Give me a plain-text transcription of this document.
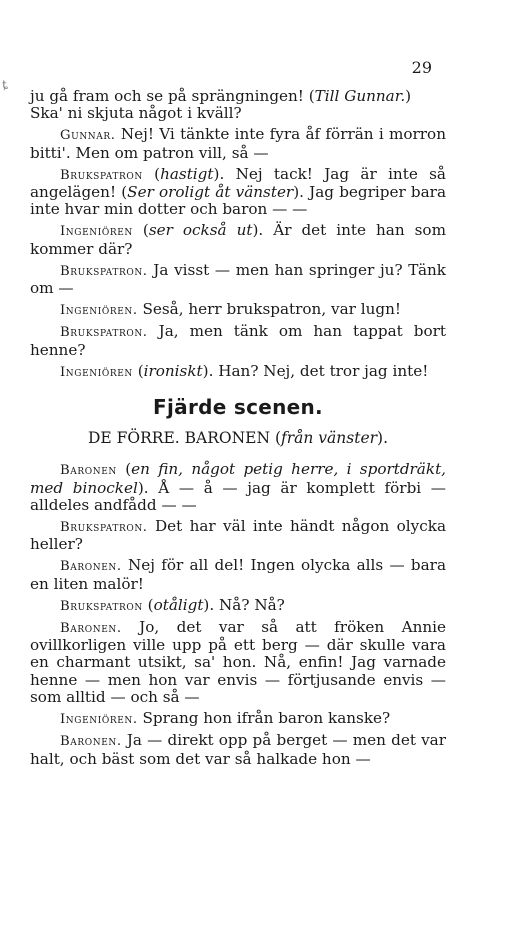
ȶ
29

ju gå fram och se på sprängningen! (Till Gunnar.)
Ska' ni skjuta något i kväll?

Gunnar. Nej! Vi tänkte inte fyra åf förrän i morron bitti'. Men om patron vill, så —

Brukspatron (hastigt). Nej tack! Jag är inte så angelägen! (Ser oroligt åt vänster). Jag begriper bara inte hvar min dotter och baron — —

Ingeniören (ser också ut). Är det inte han som kommer där?

Brukspatron. Ja visst — men han springer ju? Tänk om —

Ingeniören. Seså, herr brukspatron, var lugn!

Brukspatron. Ja, men tänk om han tappat bort henne?

Ingeniören (ironiskt). Han? Nej, det tror jag inte!

Fjärde scenen.
DE FÖRRE. BARONEN (från vänster).

Baronen (en fin, något petig herre, i sportdräkt, med binockel). Å — å — jag är komplett förbi — alldeles andfådd — —

Brukspatron. Det har väl inte händt någon olycka heller?

Baronen. Nej för all del! Ingen olycka alls — bara en liten malör!

Brukspatron (otåligt). Nå? Nå?

Baronen. Jo, det var så att fröken Annie ovillkorligen ville upp på ett berg — där skulle vara en charmant utsikt, sa' hon. Nå, enfin! Jag varnade henne — men hon var envis — förtjusande envis — som alltid — och så —

Ingeniören. Sprang hon ifrån baron kanske?

Baronen. Ja — direkt opp på berget — men det var halt, och bäst som det var så halkade hon —
